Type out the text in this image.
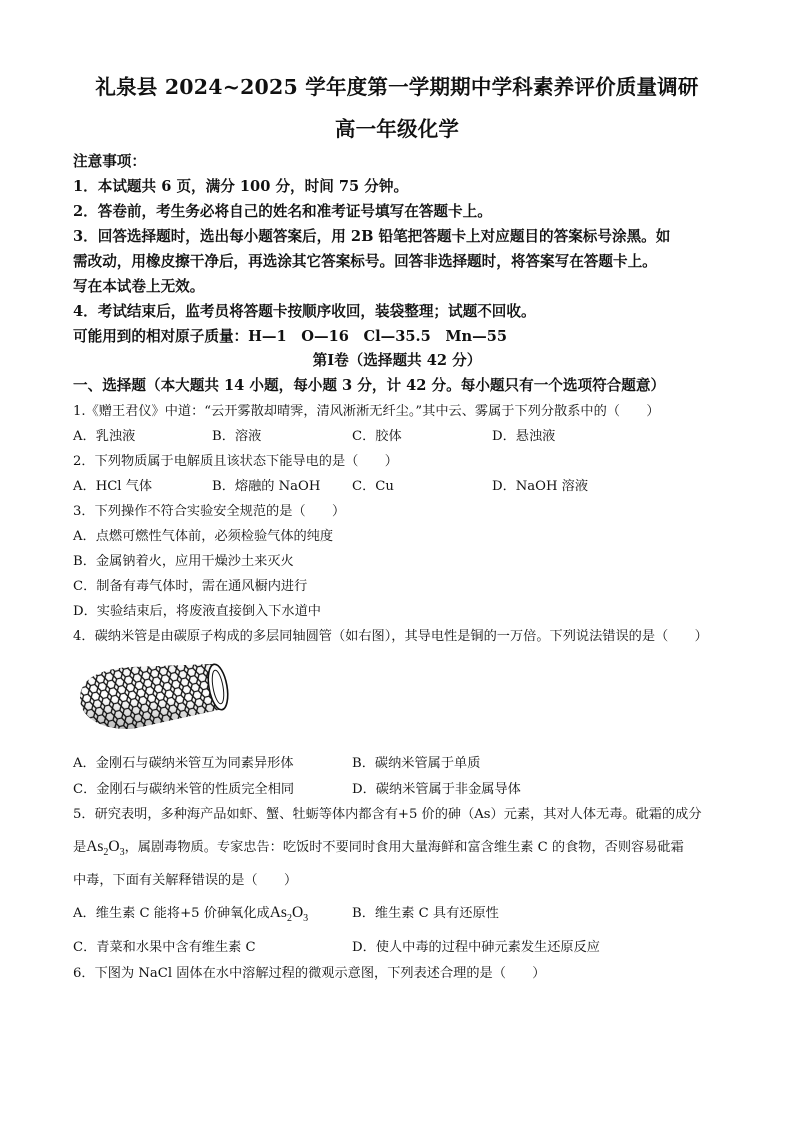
礼泉县 2024~2025 学年度第一学期期中学科素养评价质量调研
高一年级化学
注意事项：
1．本试题共 6 页，满分 100 分，时间 75 分钟。
2．答卷前，考生务必将自己的姓名和准考证号填写在答题卡上。
3．回答选择题时，选出每小题答案后，用 2B 铅笔把答题卡上对应题目的答案标号涂黑。如
需改动，用橡皮擦干净后，再选涂其它答案标号。回答非选择题时，将答案写在答题卡上。
写在本试卷上无效。
4．考试结束后，监考员将答题卡按顺序收回，装袋整理；试题不回收。
可能用到的相对原子质量：H—1　O—16　Cl—35.5　Mn—55
第Ⅰ卷（选择题共 42 分）
一、选择题（本大题共 14 小题，每小题 3 分，计 42 分。每小题只有一个选项符合题意）
1.《赠王君仪》中道：“云开雾散却晴霁，清风淅淅无纤尘。”其中云、雾属于下列分散系中的（　　）
A．乳浊液	B．溶液	C．胶体	D．悬浊液
2．下列物质属于电解质且该状态下能导电的是（　　）
A．HCl 气体	B．熔融的 NaOH C．Cu	D．NaOH 溶液
3．下列操作不符合实验安全规范的是（　　）
A．点燃可燃性气体前，必须检验气体的纯度
B．金属钠着火，应用干燥沙土来灭火
C．制备有毒气体时，需在通风橱内进行
D．实验结束后，将废液直接倒入下水道中
4．碳纳米管是由碳原子构成的多层同轴圆管（如右图），其导电性是铜的一万倍。下列说法错误的是（　　）
A．金刚石与碳纳米管互为同素异形体	B．碳纳米管属于单质
C．金刚石与碳纳米管的性质完全相同	D．碳纳米管属于非金属导体
5．研究表明，多种海产品如虾、蟹、牡蛎等体内都含有+5 价的砷（As）元素，其对人体无毒。砒霜的成分
是$As_2O_3$，属剧毒物质。专家忠告：吃饭时不要同时食用大量海鲜和富含维生素 C 的食物，否则容易砒霜
中毒，下面有关解释错误的是（　　）
A．维生素 C 能将+5 价砷氧化成$As_2O_3$	B．维生素 C 具有还原性
C．青菜和水果中含有维生素 C	D．使人中毒的过程中砷元素发生还原反应
6．下图为 NaCl 固体在水中溶解过程的微观示意图，下列表述合理的是（　　）
